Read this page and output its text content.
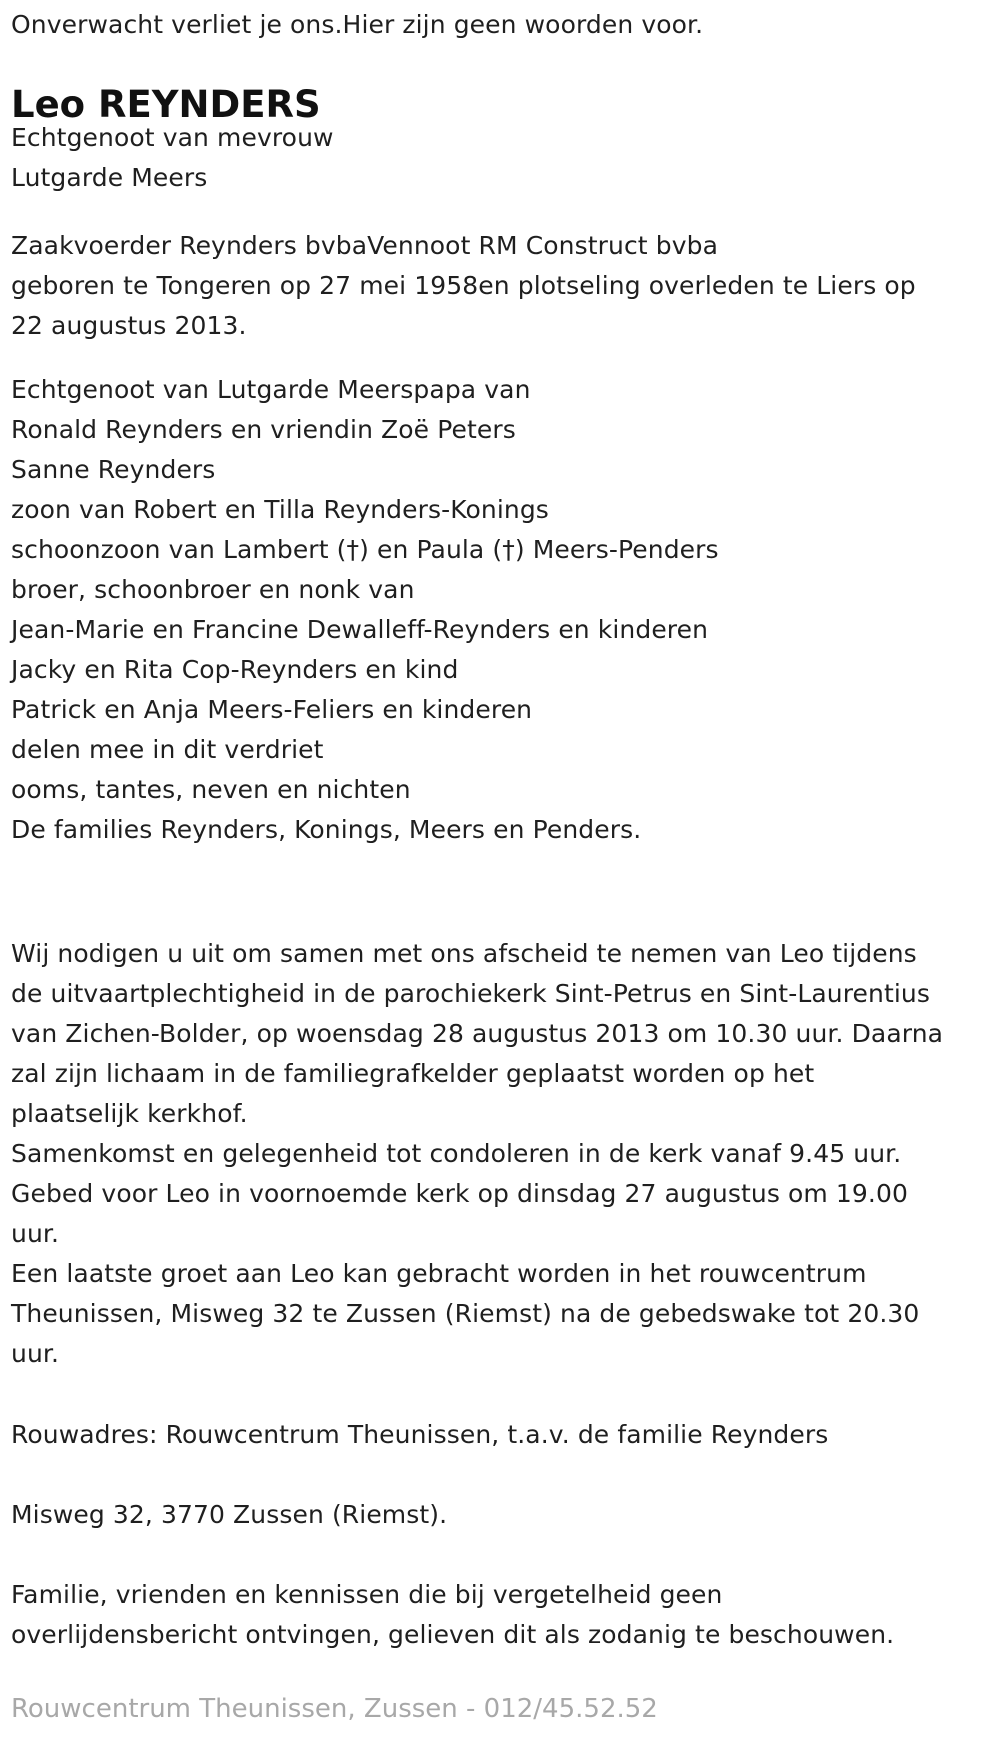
Onverwacht verliet je ons.Hier zijn geen woorden voor.
Leo REYNDERS
Echtgenoot van mevrouw
Lutgarde Meers
Zaakvoerder Reynders bvbaVennoot RM Construct bvba
geboren te Tongeren op 27 mei 1958en plotseling overleden te Liers op
22 augustus 2013.
Echtgenoot van Lutgarde Meerspapa van
Ronald Reynders en vriendin Zoë Peters
Sanne Reynders
zoon van Robert en Tilla Reynders-Konings
schoonzoon van Lambert (†) en Paula (†) Meers-Penders
broer, schoonbroer en nonk van
Jean-Marie en Francine Dewalleff-Reynders en kinderen
Jacky en Rita Cop-Reynders en kind
Patrick en Anja Meers-Feliers en kinderen
delen mee in dit verdriet
ooms, tantes, neven en nichten
De families Reynders, Konings, Meers en Penders.
Wij nodigen u uit om samen met ons afscheid te nemen van Leo tijdens
de uitvaartplechtigheid in de parochiekerk Sint-Petrus en Sint-Laurentius
van Zichen-Bolder, op woensdag 28 augustus 2013 om 10.30 uur. Daarna
zal zijn lichaam in de familiegrafkelder geplaatst worden op het
plaatselijk kerkhof.
Samenkomst en gelegenheid tot condoleren in de kerk vanaf 9.45 uur.
Gebed voor Leo in voornoemde kerk op dinsdag 27 augustus om 19.00
uur.
Een laatste groet aan Leo kan gebracht worden in het rouwcentrum
Theunissen, Misweg 32 te Zussen (Riemst) na de gebedswake tot 20.30
uur.
Rouwadres: Rouwcentrum Theunissen, t.a.v. de familie Reynders
Misweg 32, 3770 Zussen (Riemst).
Familie, vrienden en kennissen die bij vergetelheid geen
overlijdensbericht ontvingen, gelieven dit als zodanig te beschouwen.
Rouwcentrum Theunissen, Zussen - 012/45.52.52
